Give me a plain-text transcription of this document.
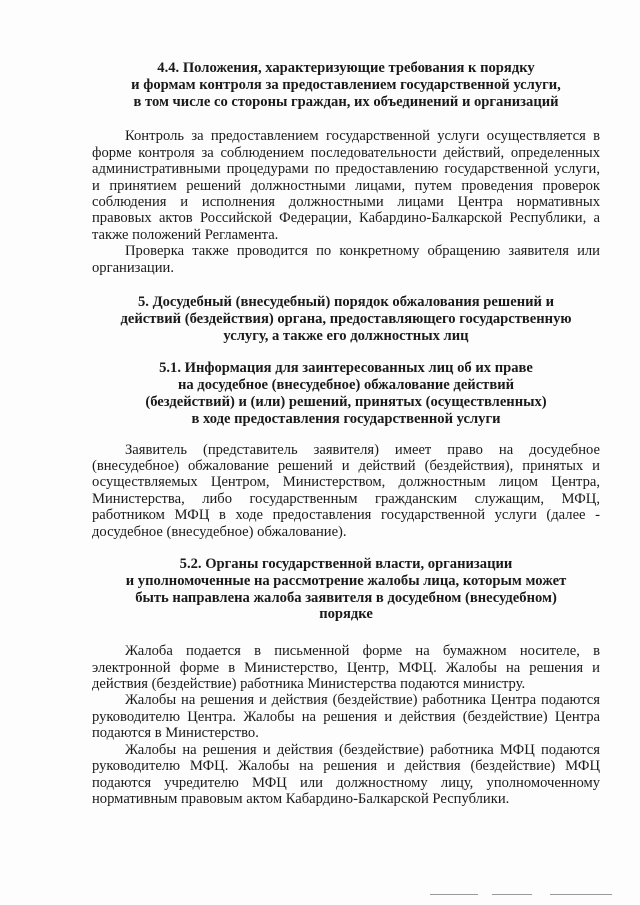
4.4. Положения, характеризующие требования к порядку
и формам контроля за предоставлением государственной услуги,
в том числе со стороны граждан, их объединений и организаций

Контроль за предоставлением государственной услуги осуществляется в форме контроля за соблюдением последовательности действий, определенных административными процедурами по предоставлению государственной услуги, и принятием решений должностными лицами, путем проведения проверок соблюдения и исполнения должностными лицами Центра нормативных правовых актов Российской Федерации, Кабардино-Балкарской Республики, а также положений Регламента.

Проверка также проводится по конкретному обращению заявителя или организации.

5. Досудебный (внесудебный) порядок обжалования решений и
действий (бездействия) органа, предоставляющего государственную
услугу, а также его должностных лиц
5.1. Информация для заинтересованных лиц об их праве
на досудебное (внесудебное) обжалование действий
(бездействий) и (или) решений, принятых (осуществленных)
в ходе предоставления государственной услуги

Заявитель (представитель заявителя) имеет право на досудебное (внесудебное) обжалование решений и действий (бездействия), принятых и осуществляемых Центром, Министерством, должностным лицом Центра, Министерства, либо государственным гражданским служащим, МФЦ, работником МФЦ в ходе предоставления государственной услуги (далее - досудебное (внесудебное) обжалование).

5.2. Органы государственной власти, организации
и уполномоченные на рассмотрение жалобы лица, которым может
быть направлена жалоба заявителя в досудебном (внесудебном)
порядке

Жалоба подается в письменной форме на бумажном носителе, в электронной форме в Министерство, Центр, МФЦ. Жалобы на решения и действия (бездействие) работника Министерства подаются министру.

Жалобы на решения и действия (бездействие) работника Центра подаются руководителю Центра. Жалобы на решения и действия (бездействие) Центра подаются в Министерство.

Жалобы на решения и действия (бездействие) работника МФЦ подаются руководителю МФЦ. Жалобы на решения и действия (бездействие) МФЦ подаются учредителю МФЦ или должностному лицу, уполномоченному нормативным правовым актом Кабардино-Балкарской Республики.
